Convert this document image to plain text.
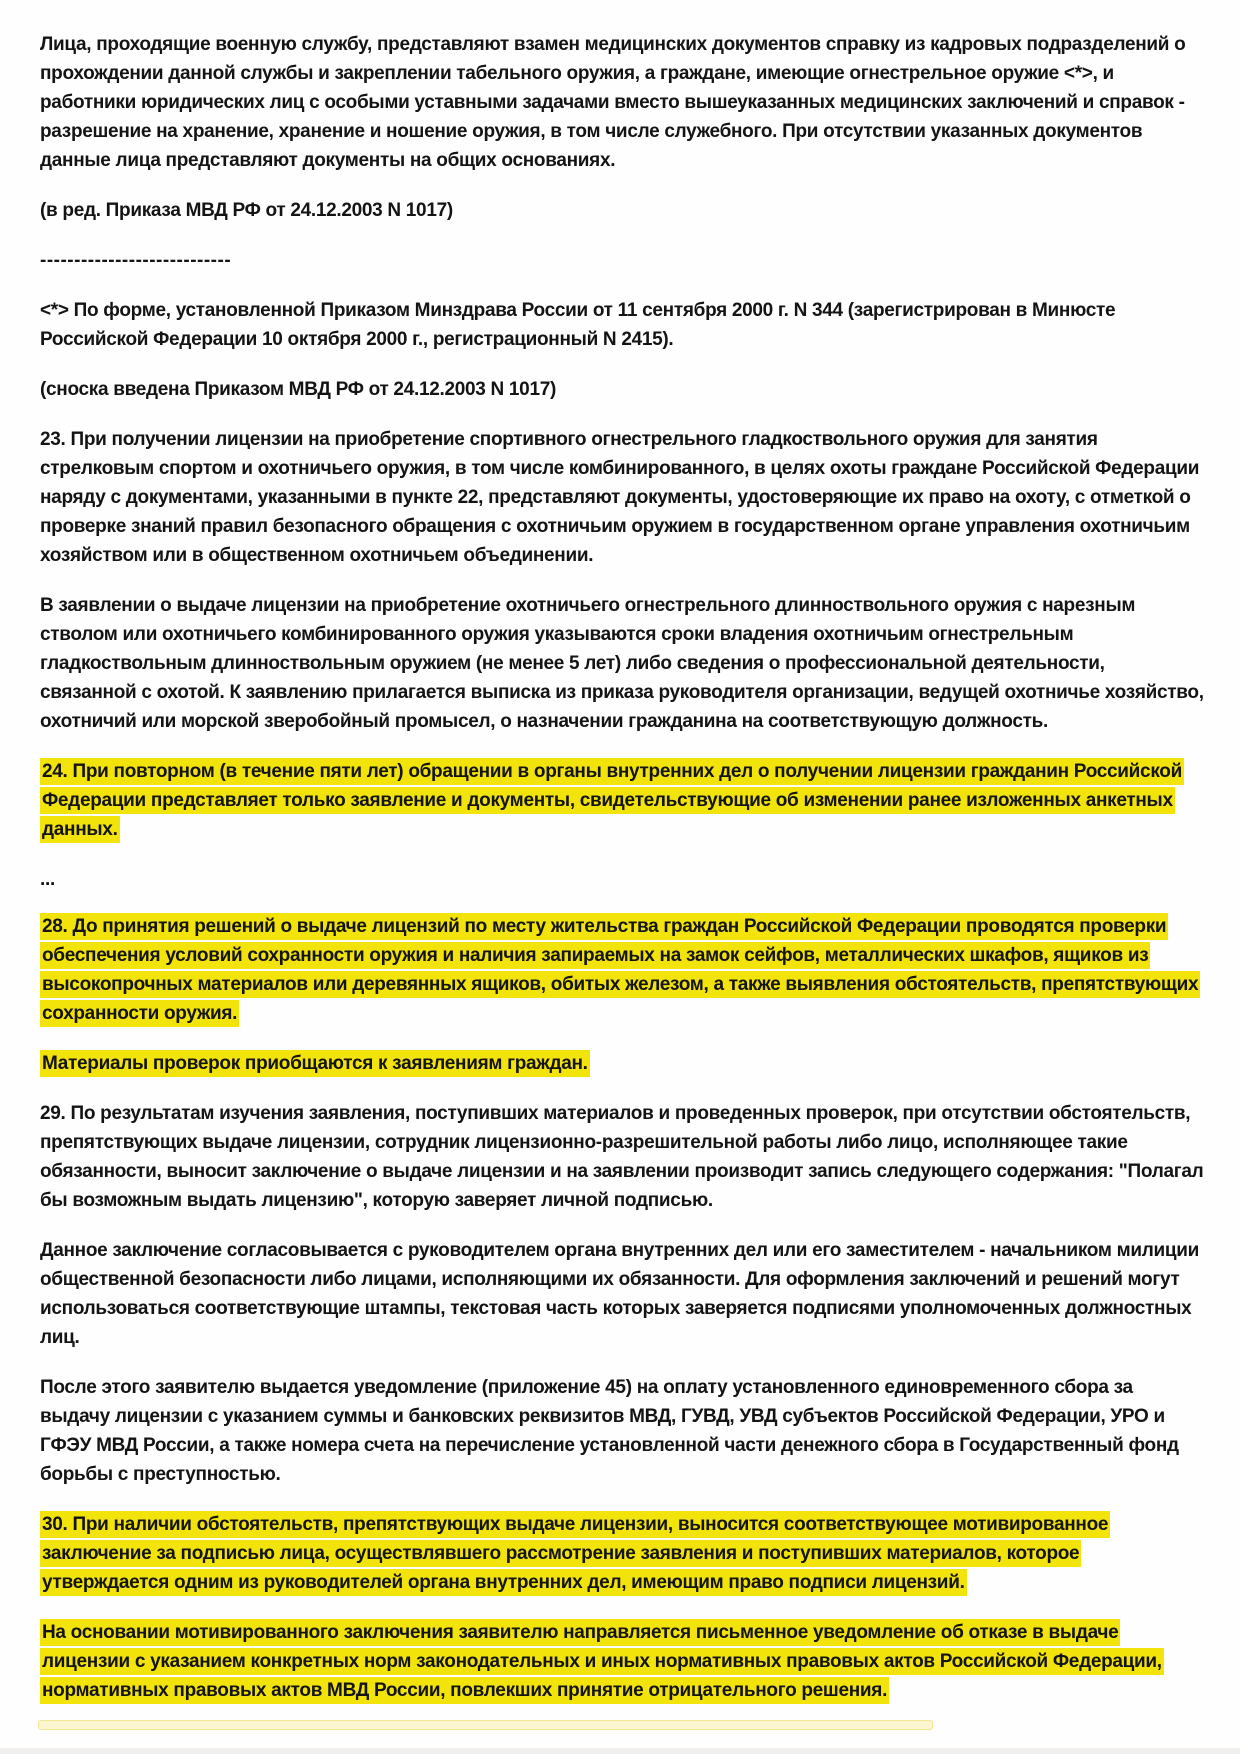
Лица, проходящие военную службу, представляют взамен медицинских документов справку из кадровых подразделений о прохождении данной службы и закреплении табельного оружия, а граждане, имеющие огнестрельное оружие <*>, и работники юридических лиц с особыми уставными задачами вместо вышеуказанных медицинских заключений и справок - разрешение на хранение, хранение и ношение оружия, в том числе служебного. При отсутствии указанных документов данные лица представляют документы на общих основаниях.

(в ред. Приказа МВД РФ от 24.12.2003 N 1017)

----------------------------

<*> По форме, установленной Приказом Минздрава России от 11 сентября 2000 г. N 344 (зарегистрирован в Минюсте Российской Федерации 10 октября 2000 г., регистрационный N 2415).

(сноска введена Приказом МВД РФ от 24.12.2003 N 1017)

23. При получении лицензии на приобретение спортивного огнестрельного гладкоствольного оружия для занятия стрелковым спортом и охотничьего оружия, в том числе комбинированного, в целях охоты граждане Российской Федерации наряду с документами, указанными в пункте 22, представляют документы, удостоверяющие их право на охоту, с отметкой о проверке знаний правил безопасного обращения с охотничьим оружием в государственном органе управления охотничьим хозяйством или в общественном охотничьем объединении.

В заявлении о выдаче лицензии на приобретение охотничьего огнестрельного длинноствольного оружия с нарезным стволом или охотничьего комбинированного оружия указываются сроки владения охотничьим огнестрельным гладкоствольным длинноствольным оружием (не менее 5 лет) либо сведения о профессиональной деятельности, связанной с охотой. К заявлению прилагается выписка из приказа руководителя организации, ведущей охотничье хозяйство, охотничий или морской зверобойный промысел, о назначении гражданина на соответствующую должность.

24. При повторном (в течение пяти лет) обращении в органы внутренних дел о получении лицензии гражданин Российской Федерации представляет только заявление и документы, свидетельствующие об изменении ранее изложенных анкетных данных.

...

28. До принятия решений о выдаче лицензий по месту жительства граждан Российской Федерации проводятся проверки обеспечения условий сохранности оружия и наличия запираемых на замок сейфов, металлических шкафов, ящиков из высокопрочных материалов или деревянных ящиков, обитых железом, а также выявления обстоятельств, препятствующих сохранности оружия.

Материалы проверок приобщаются к заявлениям граждан.

29. По результатам изучения заявления, поступивших материалов и проведенных проверок, при отсутствии обстоятельств, препятствующих выдаче лицензии, сотрудник лицензионно-разрешительной работы либо лицо, исполняющее такие обязанности, выносит заключение о выдаче лицензии и на заявлении производит запись следующего содержания: "Полагал бы возможным выдать лицензию", которую заверяет личной подписью.

Данное заключение согласовывается с руководителем органа внутренних дел или его заместителем - начальником милиции общественной безопасности либо лицами, исполняющими их обязанности. Для оформления заключений и решений могут использоваться соответствующие штампы, текстовая часть которых заверяется подписями уполномоченных должностных лиц.

После этого заявителю выдается уведомление (приложение 45) на оплату установленного единовременного сбора за выдачу лицензии с указанием суммы и банковских реквизитов МВД, ГУВД, УВД субъектов Российской Федерации, УРО и ГФЭУ МВД России, а также номера счета на перечисление установленной части денежного сбора в Государственный фонд борьбы с преступностью.

30. При наличии обстоятельств, препятствующих выдаче лицензии, выносится соответствующее мотивированное заключение за подписью лица, осуществлявшего рассмотрение заявления и поступивших материалов, которое утверждается одним из руководителей органа внутренних дел, имеющим право подписи лицензий.

На основании мотивированного заключения заявителю направляется письменное уведомление об отказе в выдаче лицензии с указанием конкретных норм законодательных и иных нормативных правовых актов Российской Федерации, нормативных правовых актов МВД России, повлекших принятие отрицательного решения.
